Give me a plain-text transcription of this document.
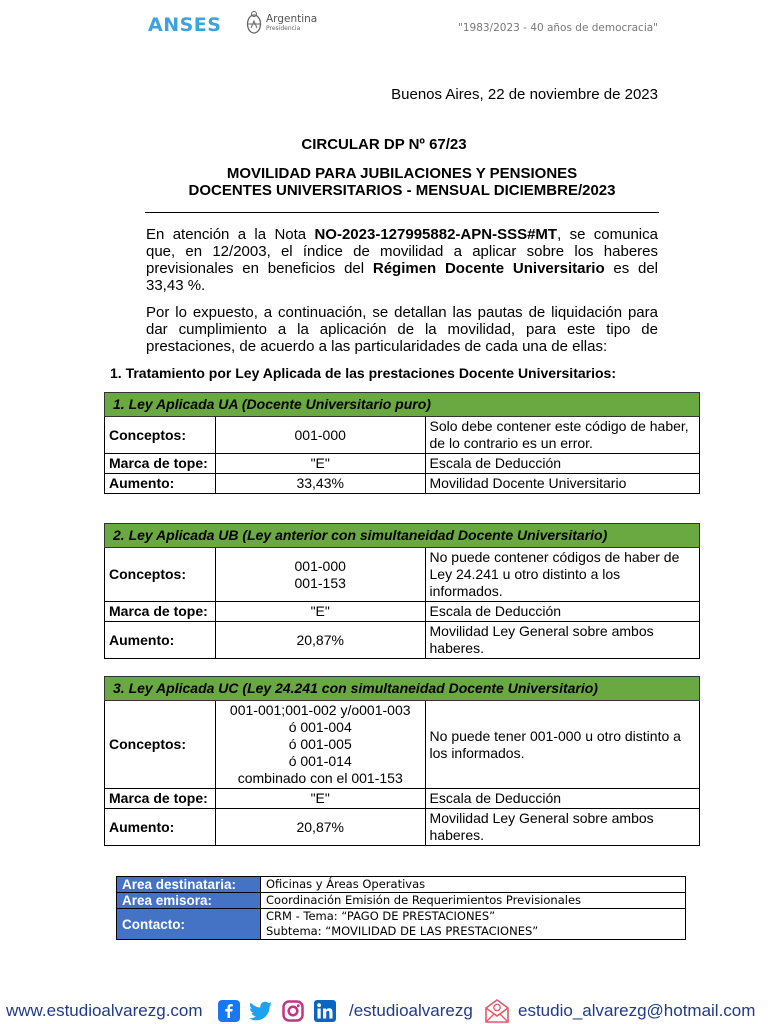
ANSES	Argentina
Presidencia	"1983/2023 - 40 años de democracia"
Buenos Aires, 22 de noviembre de 2023
CIRCULAR DP Nº 67/23
MOVILIDAD PARA JUBILACIONES Y PENSIONES
DOCENTES UNIVERSITARIOS - MENSUAL DICIEMBRE/2023

En atención a la Nota NO-2023-127995882-APN-SSS#MT, se comunica que, en 12/2003, el índice de movilidad a aplicar sobre los haberes previsionales en beneficios del Régimen Docente Universitario es del 33,43 %.

Por lo expuesto, a continuación, se detallan las pautas de liquidación para dar cumplimiento a la aplicación de la movilidad, para este tipo de prestaciones, de acuerdo a las particularidades de cada una de ellas:

1. Tratamiento por Ley Aplicada de las prestaciones Docente Universitarios:
1. Ley Aplicada UA (Docente Universitario puro)		
Conceptos:	001-000	Solo debe contener este código de haber, de lo contrario es un error.
Marca de tope:	"E"	Escala de Deducción
Aumento:	33,43%	Movilidad Docente Universitario
2. Ley Aplicada UB (Ley anterior con simultaneidad Docente Universitario)		
Conceptos:	001-000
001-153	No puede contener códigos de haber de Ley 24.241 u otro distinto a los informados.
Marca de tope:	"E"	Escala de Deducción
Aumento:	20,87%	Movilidad Ley General sobre ambos haberes.
3. Ley Aplicada UC (Ley 24.241 con simultaneidad Docente Universitario)		
Conceptos:	001-001;001-002 y/o001-003
ó 001-004
ó 001-005
ó 001-014
combinado con el 001-153	No puede tener 001-000 u otro distinto a los informados.
Marca de tope:	"E"	Escala de Deducción
Aumento:	20,87%	Movilidad Ley General sobre ambos haberes.
Area destinataria:	Oficinas y Áreas Operativas
Area emisora:	Coordinación Emisión de Requerimientos Previsionales
Contacto:	CRM - Tema: “PAGO DE PRESTACIONES”
Subtema: “MOVILIDAD DE LAS PRESTACIONES”
www.estudioalvarezg.com	/estudioalvarezg	estudio_alvarezg@hotmail.com
